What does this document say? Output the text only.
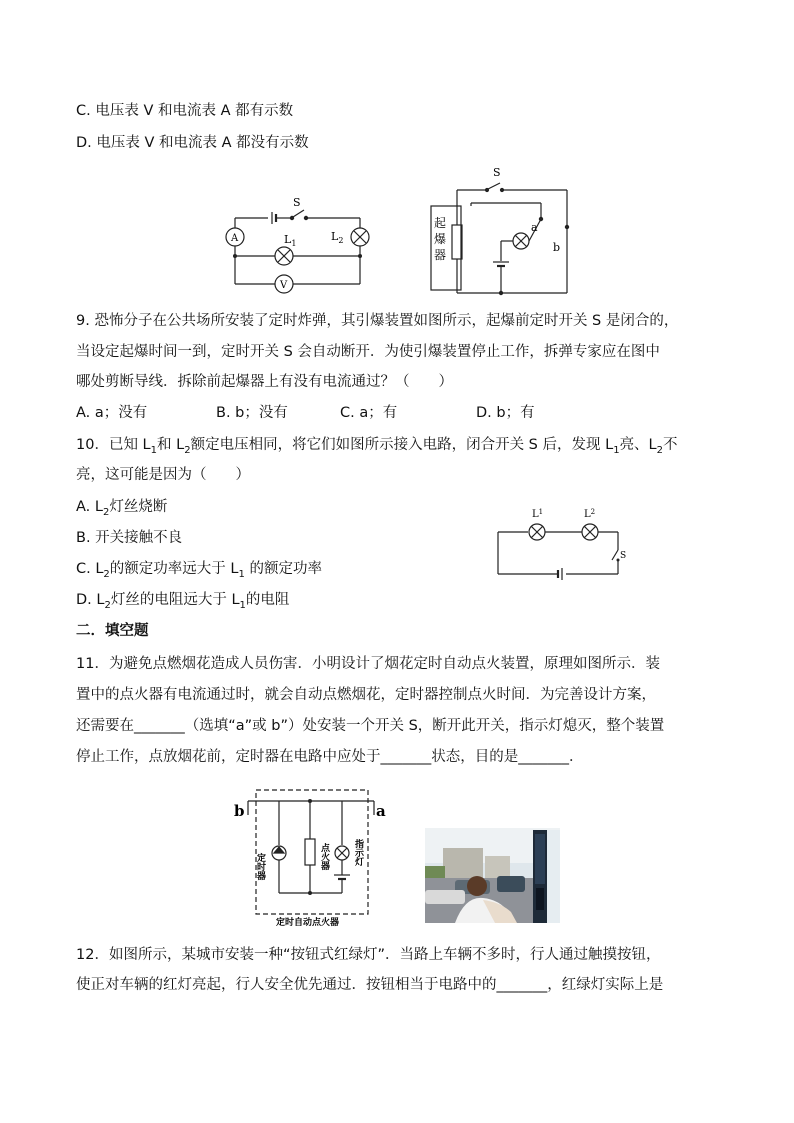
C. 电压表 V 和电流表 A 都有示数
D. 电压表 V 和电流表 A 都没有示数
S
A
V
$L_1$
$L_2$
S
a
b
起
爆
器
9. 恐怖分子在公共场所安装了定时炸弹，其引爆装置如图所示，起爆前定时开关 S 是闭合的，
当设定起爆时间一到，定时开关 S 会自动断开．为使引爆装置停止工作，拆弹专家应在图中
哪处剪断导线．拆除前起爆器上有没有电流通过？（　　）
A. a；没有	B. b；没有	C. a；有	D. b；有
10．已知 $L_1$和 $L_2$额定电压相同，将它们如图所示接入电路，闭合开关 S 后，发现 $L_1$亮、$L_2$不
亮，这可能是因为（　　）
A. $L_2$灯丝烧断
B. 开关接触不良
C. $L_2$的额定功率远大于 $L_1$ 的额定功率
D. $L_2$灯丝的电阻远大于 $L_1$的电阻
$L^1$	$L^2$
S
二．填空题
11．为避免点燃烟花造成人员伤害．小明设计了烟花定时自动点火装置，原理如图所示．装
置中的点火器有电流通过时，就会自动点燃烟花，定时器控制点火时间．为完善设计方案，
还需要在_______（选填“a”或 b”）处安装一个开关 S，断开此开关，指示灯熄灭，整个装置
停止工作，点放烟花前，定时器在电路中应处于_______状态，目的是_______．
b	a
定时器	点火器	指示灯
定时自动点火器
12．如图所示，某城市安装一种“按钮式红绿灯”．当路上车辆不多时，行人通过触摸按钮，
使正对车辆的红灯亮起，行人安全优先通过．按钮相当于电路中的_______，红绿灯实际上是
